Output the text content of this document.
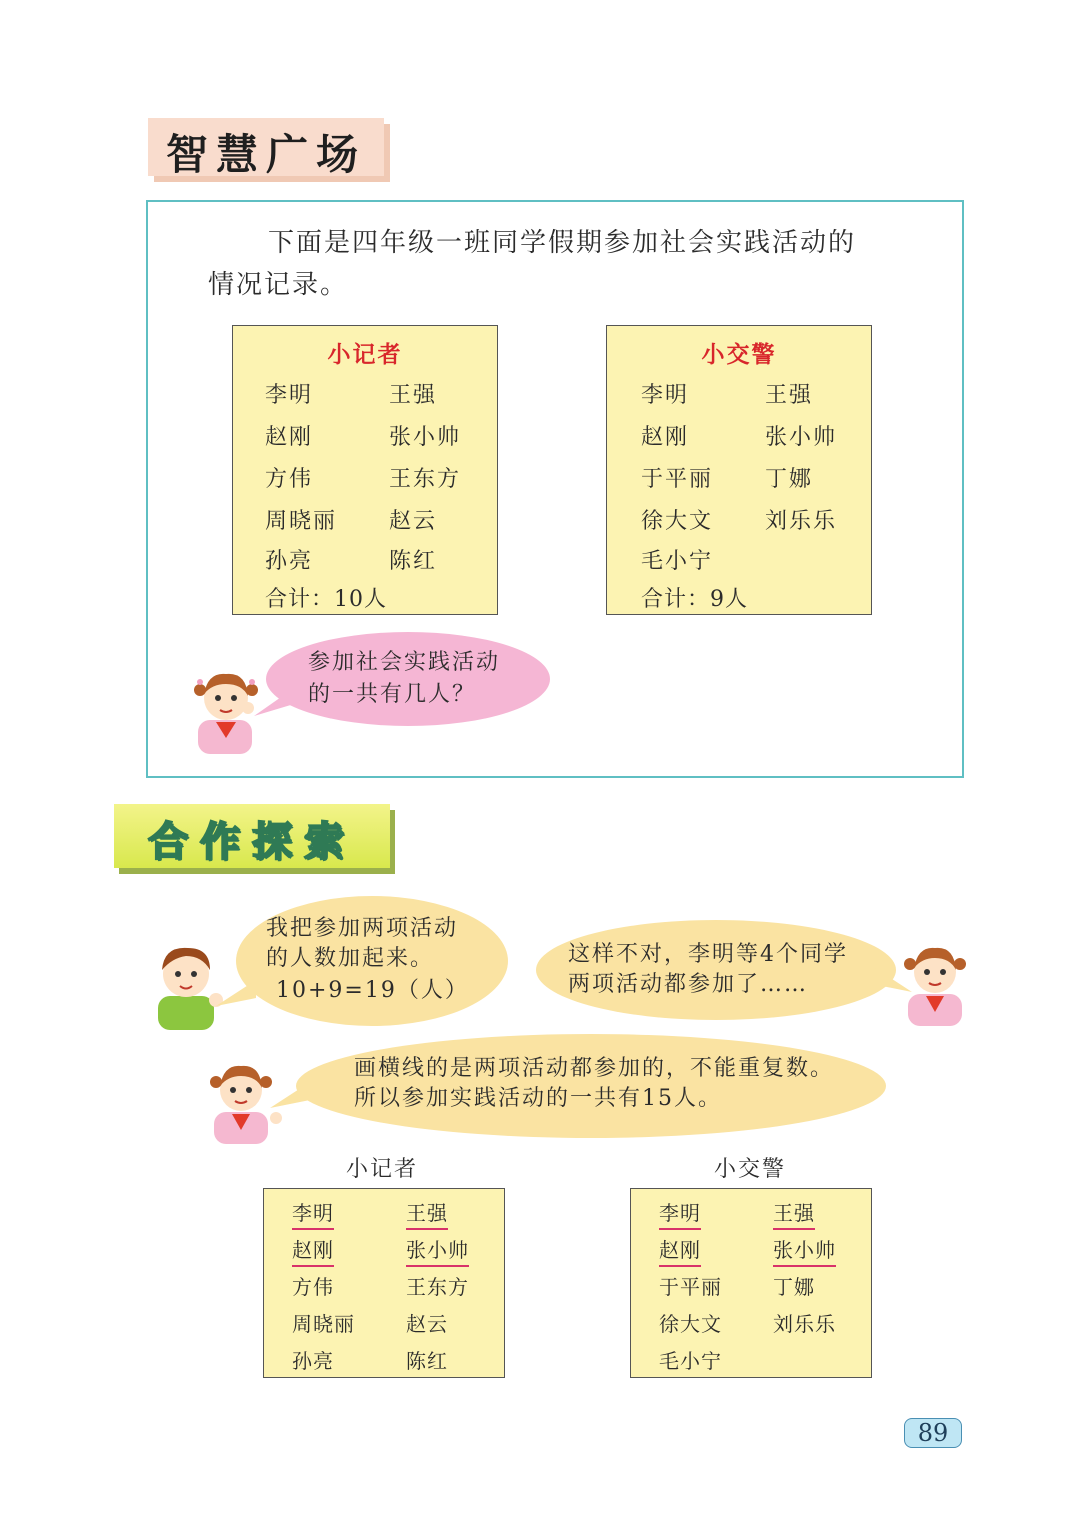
智慧广场
下面是四年级一班同学假期参加社会实践活动的
情况记录。
小记者
李明	王强
赵刚	张小帅
方伟	王东方
周晓丽 赵云
孙亮	陈红
合计：10人
小交警
李明	王强
赵刚	张小帅
于平丽 丁娜
徐大文 刘乐乐
毛小宁
合计：9人
参加社会实践活动
的一共有几人？
合作探索
我把参加两项活动
的人数加起来。
10+9=19（人）
这样不对，李明等4个同学
两项活动都参加了……
画横线的是两项活动都参加的，不能重复数。
所以参加实践活动的一共有15人。
小记者
李明	王强
赵刚	张小帅
方伟	王东方
周晓丽	赵云
孙亮	陈红
小交警
李明	王强
赵刚	张小帅
于平丽	丁娜
徐大文	刘乐乐
毛小宁
89
